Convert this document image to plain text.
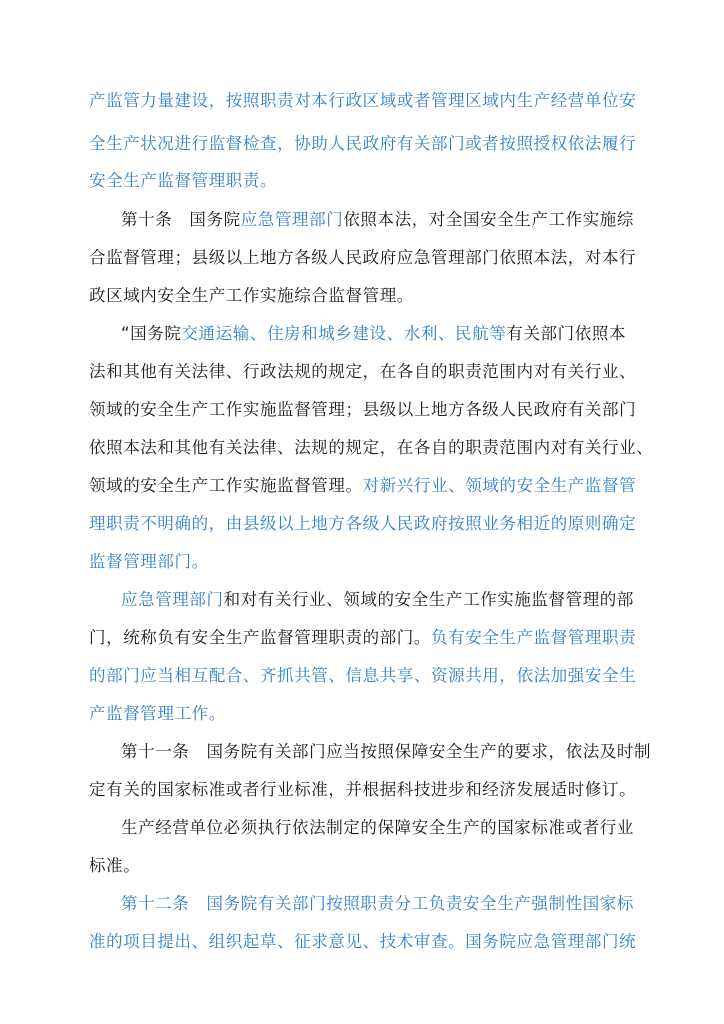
产监管力量建设，按照职责对本行政区域或者管理区域内生产经营单位安
全生产状况进行监督检查，协助人民政府有关部门或者按照授权依法履行
安全生产监督管理职责。
第十条　国务院应急管理部门依照本法，对全国安全生产工作实施综
合监督管理；县级以上地方各级人民政府应急管理部门依照本法，对本行
政区域内安全生产工作实施综合监督管理。
“国务院交通运输、住房和城乡建设、水利、民航等有关部门依照本
法和其他有关法律、行政法规的规定，在各自的职责范围内对有关行业、
领域的安全生产工作实施监督管理；县级以上地方各级人民政府有关部门
依照本法和其他有关法律、法规的规定，在各自的职责范围内对有关行业、
领域的安全生产工作实施监督管理。对新兴行业、领域的安全生产监督管
理职责不明确的，由县级以上地方各级人民政府按照业务相近的原则确定
监督管理部门。
应急管理部门和对有关行业、领域的安全生产工作实施监督管理的部
门，统称负有安全生产监督管理职责的部门。负有安全生产监督管理职责
的部门应当相互配合、齐抓共管、信息共享、资源共用，依法加强安全生
产监督管理工作。
第十一条　国务院有关部门应当按照保障安全生产的要求，依法及时制
定有关的国家标准或者行业标准，并根据科技进步和经济发展适时修订。
生产经营单位必须执行依法制定的保障安全生产的国家标准或者行业
标准。
第十二条　国务院有关部门按照职责分工负责安全生产强制性国家标
准的项目提出、组织起草、征求意见、技术审查。国务院应急管理部门统
